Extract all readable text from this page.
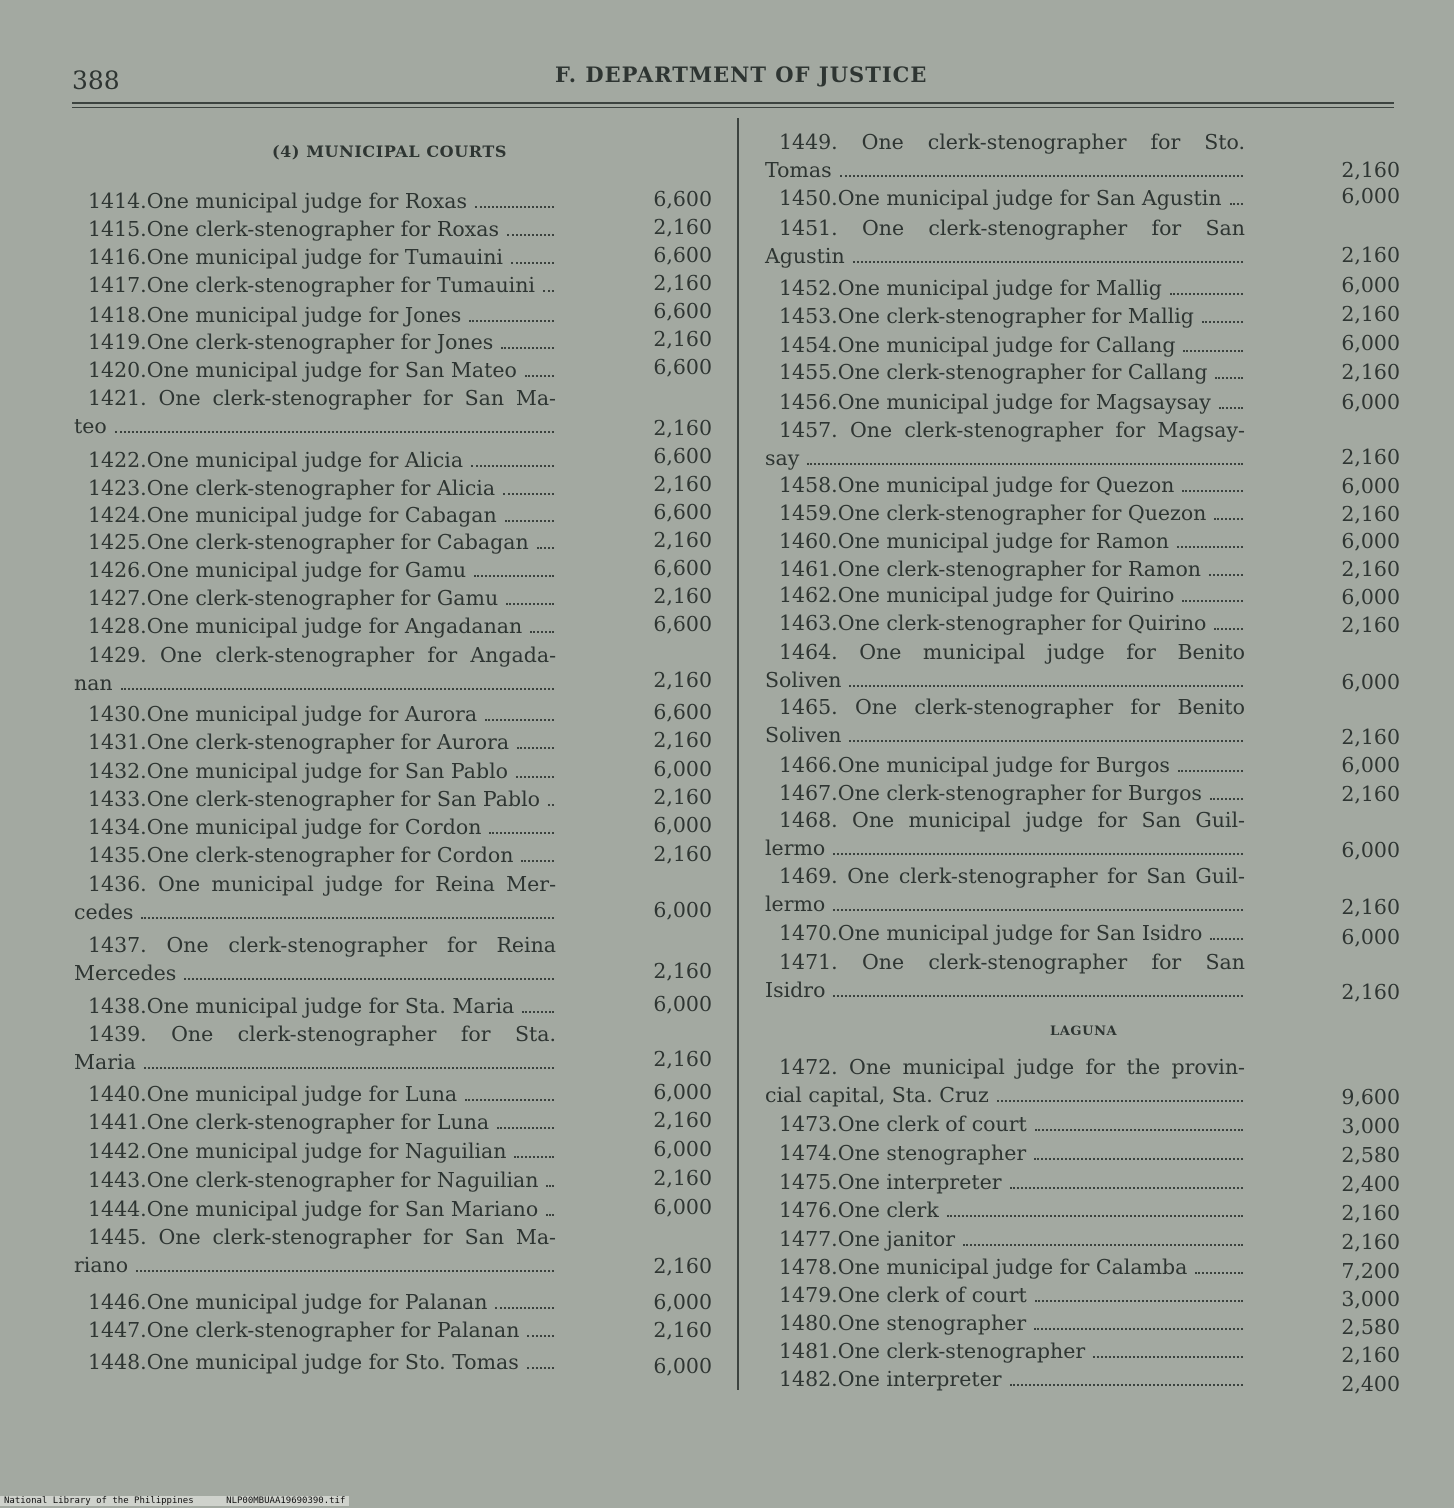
388	F. DEPARTMENT OF JUSTICE
(4) MUNICIPAL COURTS
LAGUNA
1414. One municipal judge for Roxas	6,600
1415. One clerk-stenographer for Roxas	2,160
1416. One municipal judge for Tumauini	6,600
1417. One clerk-stenographer for Tumauini	2,160
1418. One municipal judge for Jones	6,600
1419. One clerk-stenographer for Jones	2,160
1420. One municipal judge for San Mateo	6,600
1421. One clerk-stenographer for San Ma-
teo	2,160
1422. One municipal judge for Alicia	6,600
1423. One clerk-stenographer for Alicia	2,160
1424. One municipal judge for Cabagan	6,600
1425. One clerk-stenographer for Cabagan	2,160
1426. One municipal judge for Gamu	6,600
1427. One clerk-stenographer for Gamu	2,160
1428. One municipal judge for Angadanan	6,600
1429. One clerk-stenographer for Angada-
nan	2,160
1430. One municipal judge for Aurora	6,600
1431. One clerk-stenographer for Aurora	2,160
1432. One municipal judge for San Pablo	6,000
1433. One clerk-stenographer for San Pablo	2,160
1434. One municipal judge for Cordon	6,000
1435. One clerk-stenographer for Cordon	2,160
1436. One municipal judge for Reina Mer-
cedes	6,000
1437. One clerk-stenographer for Reina
Mercedes	2,160
1438. One municipal judge for Sta. Maria	6,000
1439. One clerk-stenographer for Sta.
Maria	2,160
1440. One municipal judge for Luna	6,000
1441. One clerk-stenographer for Luna	2,160
1442. One municipal judge for Naguilian	6,000
1443. One clerk-stenographer for Naguilian	2,160
1444. One municipal judge for San Mariano	6,000
1445. One clerk-stenographer for San Ma-
riano	2,160
1446. One municipal judge for Palanan	6,000
1447. One clerk-stenographer for Palanan	2,160
1448. One municipal judge for Sto. Tomas	6,000
1449. One clerk-stenographer for Sto.
Tomas	2,160
1450. One municipal judge for San Agustin	6,000
1451. One clerk-stenographer for San
Agustin	2,160
1452. One municipal judge for Mallig	6,000
1453. One clerk-stenographer for Mallig	2,160
1454. One municipal judge for Callang	6,000
1455. One clerk-stenographer for Callang	2,160
1456. One municipal judge for Magsaysay	6,000
1457. One clerk-stenographer for Magsay-
say	2,160
1458. One municipal judge for Quezon	6,000
1459. One clerk-stenographer for Quezon	2,160
1460. One municipal judge for Ramon	6,000
1461. One clerk-stenographer for Ramon	2,160
1462. One municipal judge for Quirino	6,000
1463. One clerk-stenographer for Quirino	2,160
1464. One municipal judge for Benito
Soliven	6,000
1465. One clerk-stenographer for Benito
Soliven	2,160
1466. One municipal judge for Burgos	6,000
1467. One clerk-stenographer for Burgos	2,160
1468. One municipal judge for San Guil-
lermo	6,000
1469. One clerk-stenographer for San Guil-
lermo	2,160
1470. One municipal judge for San Isidro	6,000
1471. One clerk-stenographer for San
Isidro	2,160
1472. One municipal judge for the provin-
cial capital, Sta. Cruz	9,600
1473. One clerk of court	3,000
1474. One stenographer	2,580
1475. One interpreter	2,400
1476. One clerk	2,160
1477. One janitor	2,160
1478. One municipal judge for Calamba	7,200
1479. One clerk of court	3,000
1480. One stenographer	2,580
1481. One clerk-stenographer	2,160
1482. One interpreter	2,400
National Library of the Philippines	NLP00MBUAA19690390.tif
